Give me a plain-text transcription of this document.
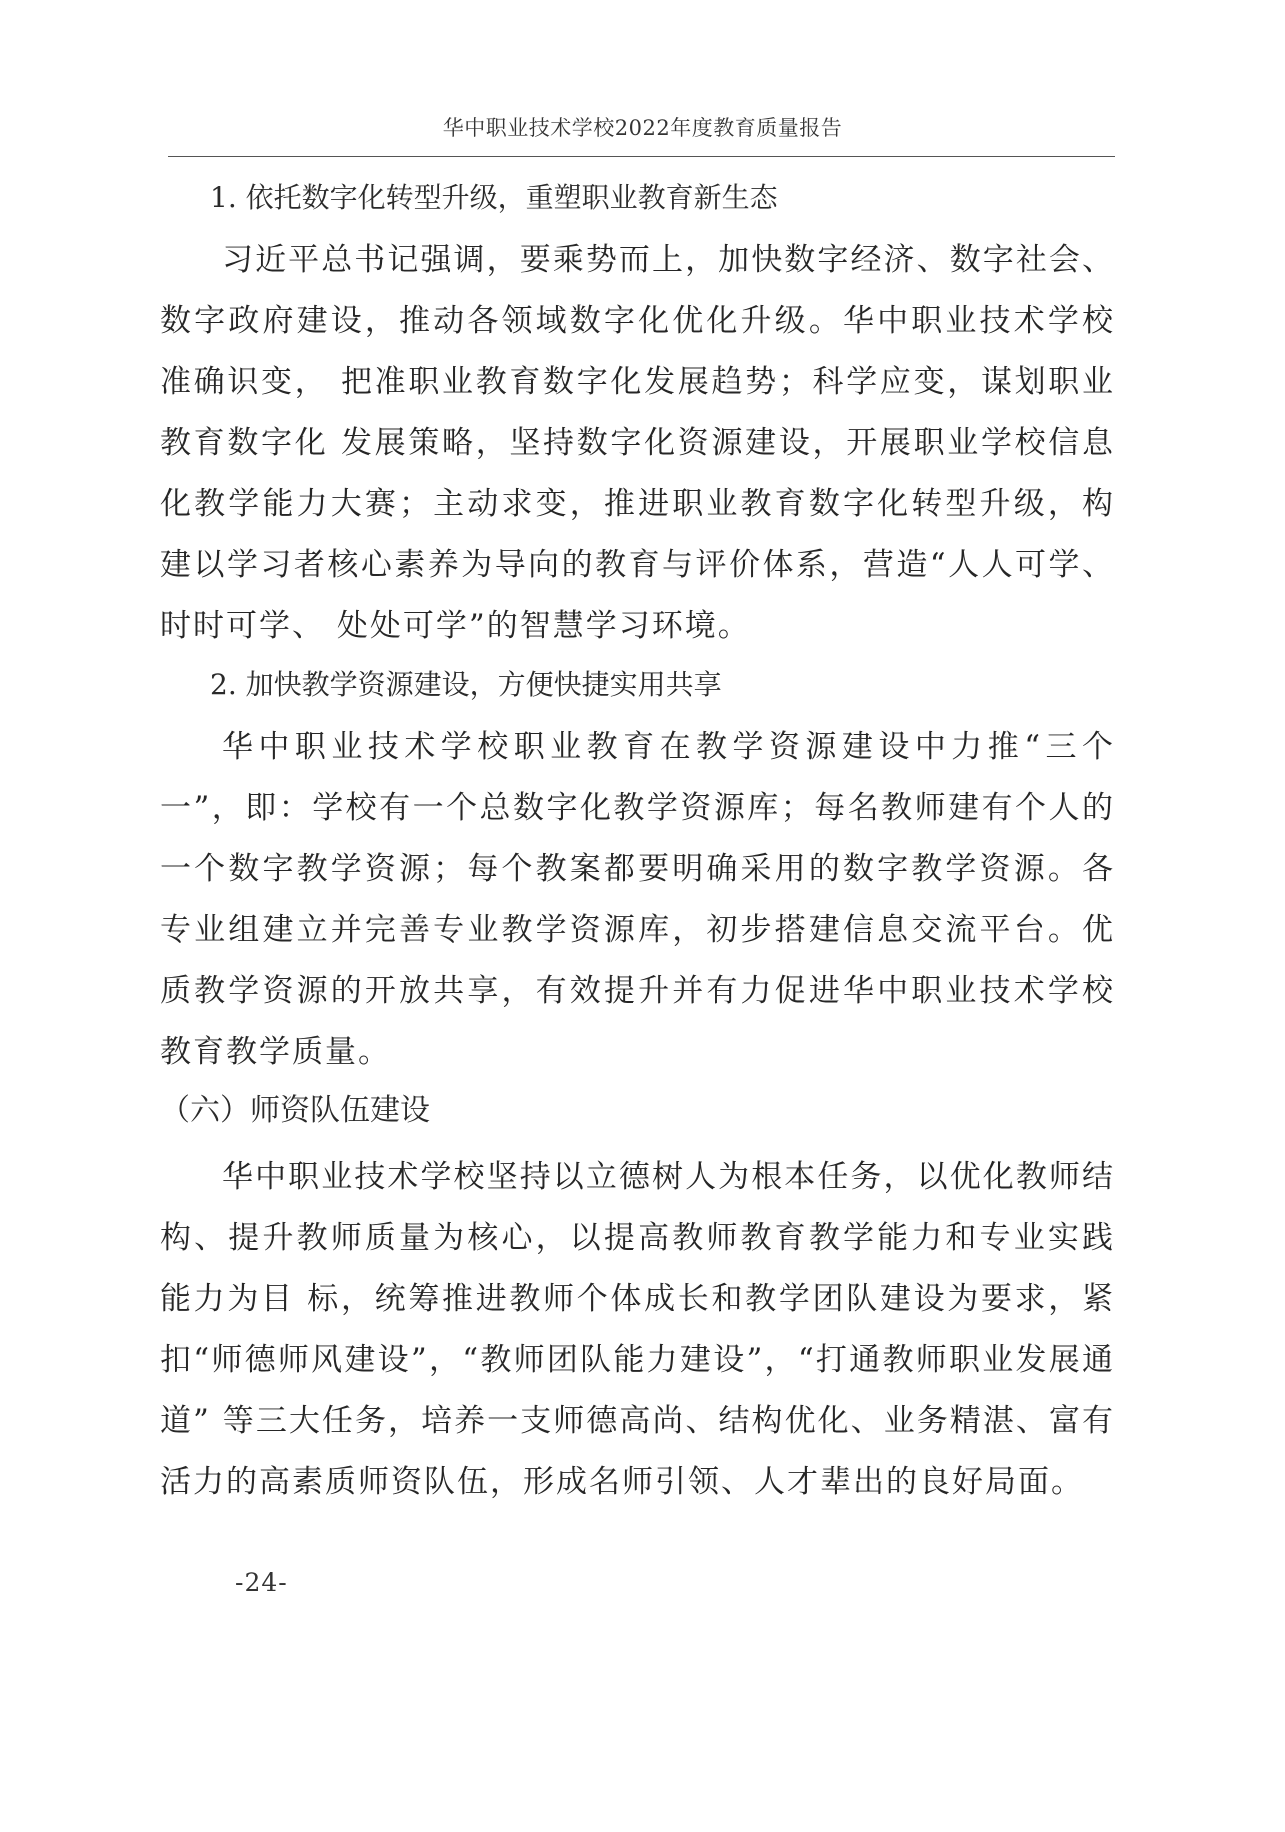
华中职业技术学校2022年度教育质量报告

1. 依托数字化转型升级，重塑职业教育新生态

习近平总书记强调，要乘势而上，加快数字经济、数字社会、数字政府建设，推动各领域数字化优化升级。华中职业技术学校准确识变， 把准职业教育数字化发展趋势；科学应变，谋划职业教育数字化 发展策略，坚持数字化资源建设，开展职业学校信息化教学能力大赛；主动求变，推进职业教育数字化转型升级，构建以学习者核心素养为导向的教育与评价体系，营造“人人可学、时时可学、 处处可学”的智慧学习环境。

2. 加快教学资源建设，方便快捷实用共享

华中职业技术学校职业教育在教学资源建设中力推“三个一”，即：学校有一个总数字化教学资源库；每名教师建有个人的一个数字教学资源；每个教案都要明确采用的数字教学资源。各专业组建立并完善专业教学资源库，初步搭建信息交流平台。优质教学资源的开放共享，有效提升并有力促进华中职业技术学校教育教学质量。

（六）师资队伍建设

华中职业技术学校坚持以立德树人为根本任务，以优化教师结构、提升教师质量为核心，以提高教师教育教学能力和专业实践能力为目 标，统筹推进教师个体成长和教学团队建设为要求，紧扣“师德师风建设”，“教师团队能力建设”，“打通教师职业发展通道” 等三大任务，培养一支师德高尚、结构优化、业务精湛、富有活力的高素质师资队伍，形成名师引领、人才辈出的良好局面。

-24-
